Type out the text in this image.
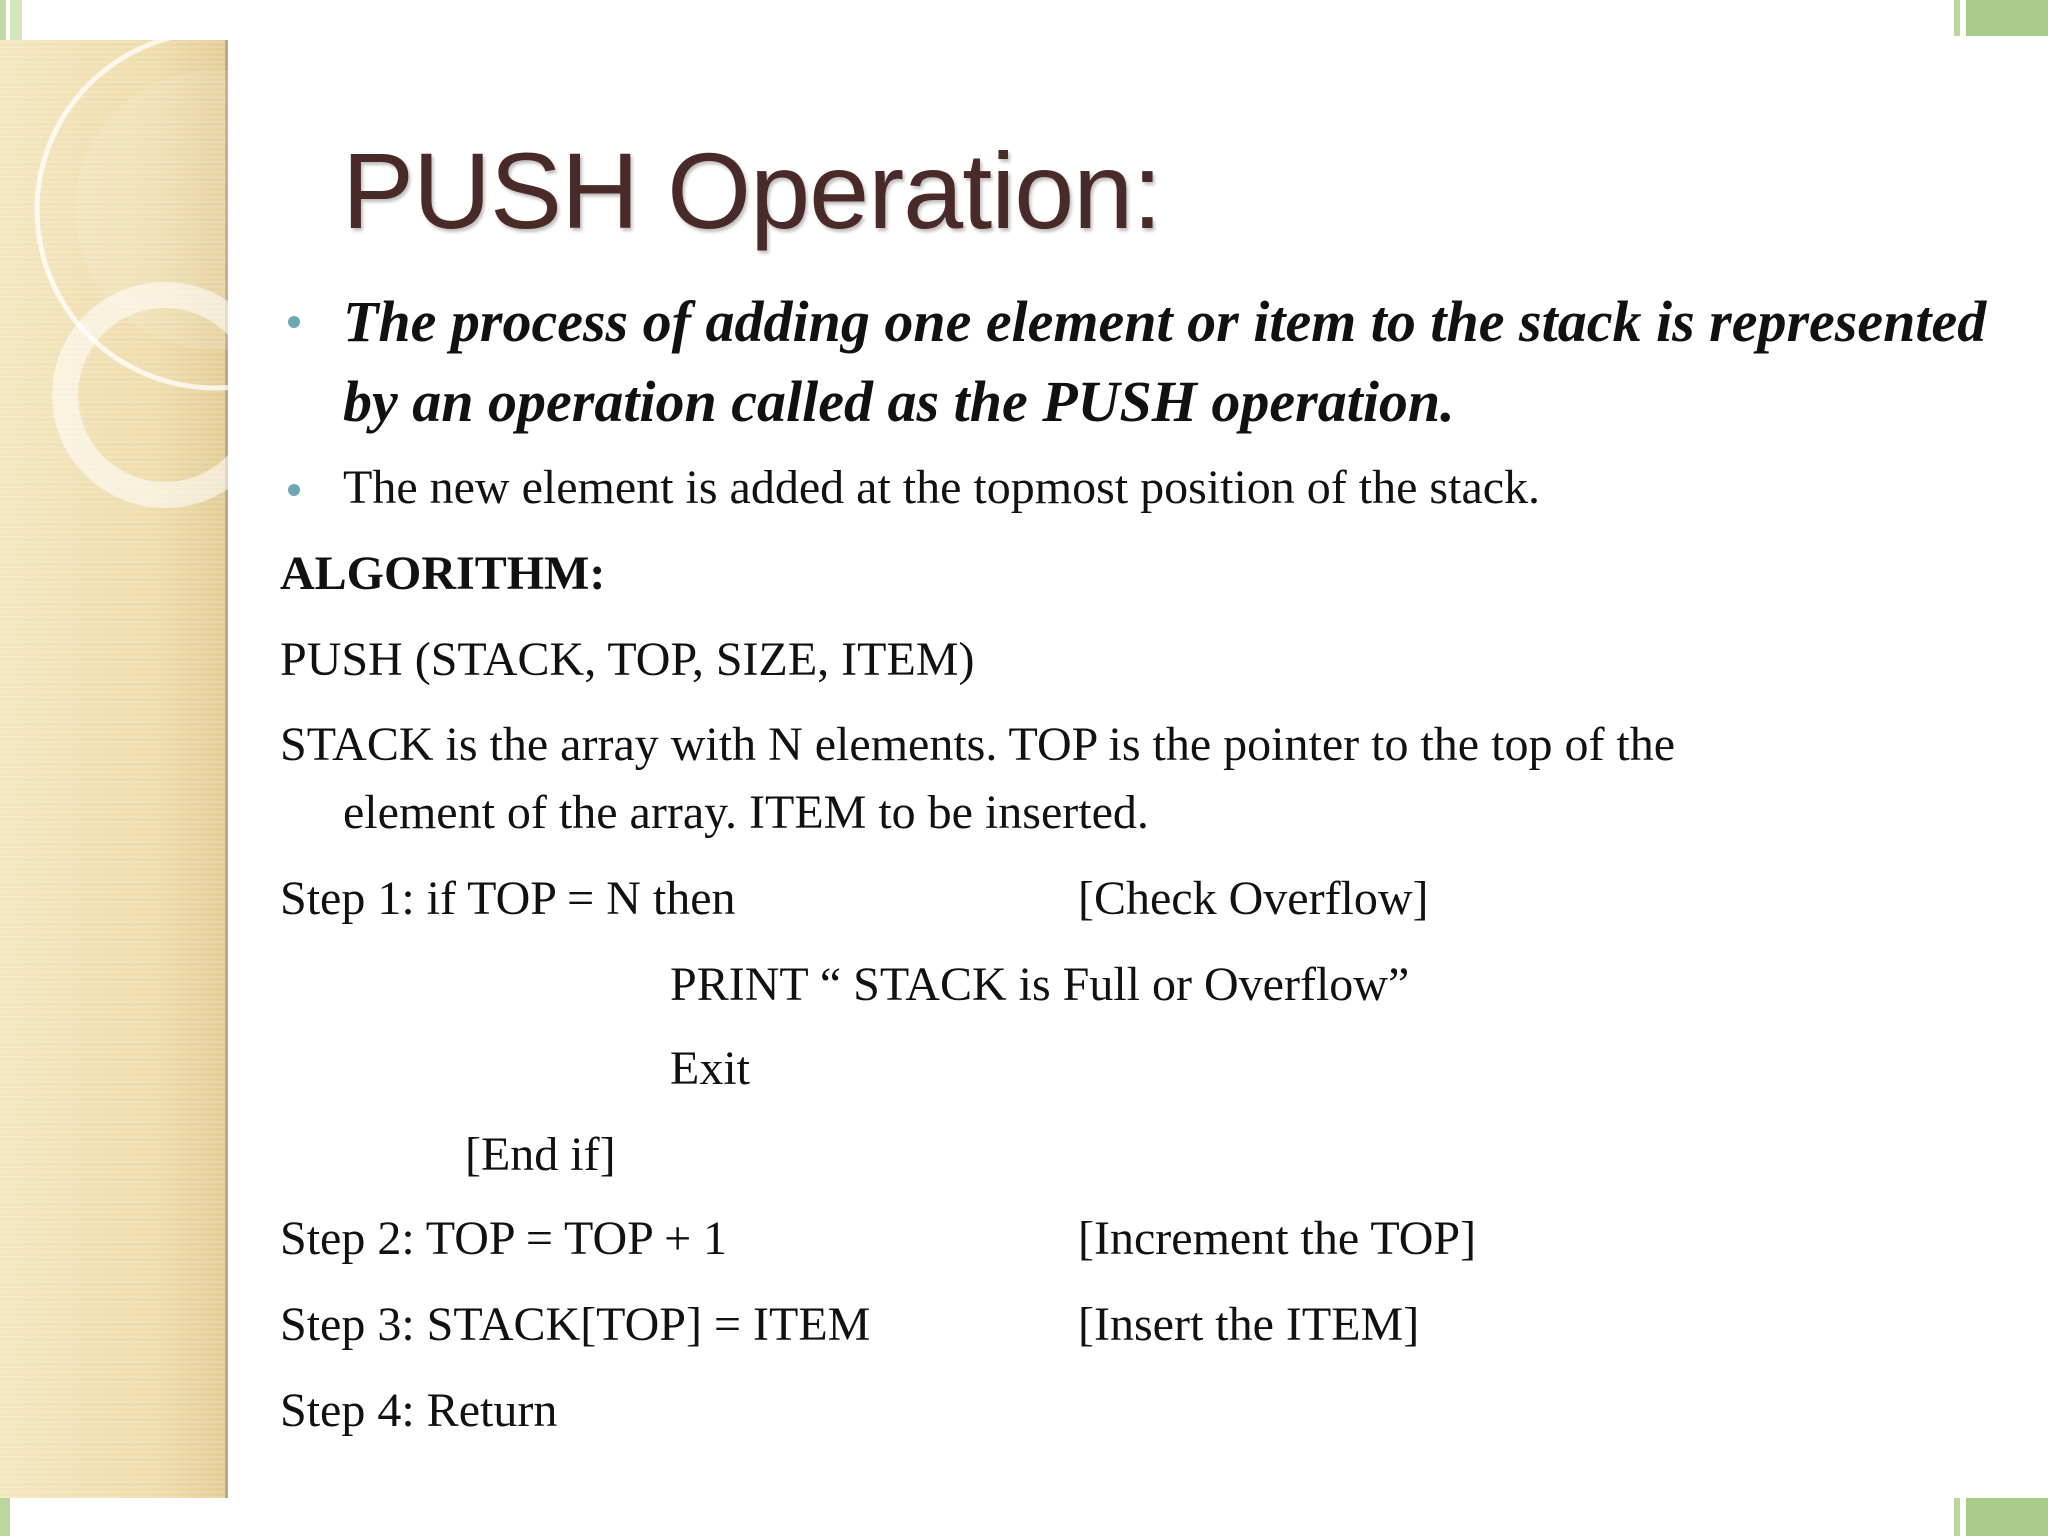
PUSH Operation:

The process of adding one element or item to the stack is represented by an operation called as the PUSH operation.

The new element is added at the topmost position of the stack.

ALGORITHM:
PUSH (STACK, TOP, SIZE, ITEM)
STACK is the array with N elements. TOP is the pointer to the top of the
element of the array. ITEM to be inserted.
Step 1: if TOP = N then	[Check Overflow]
PRINT “ STACK is Full or Overflow”
Exit
[End if]
Step 2: TOP = TOP + 1	[Increment the TOP]
Step 3: STACK[TOP] = ITEM	[Insert the ITEM]
Step 4: Return
